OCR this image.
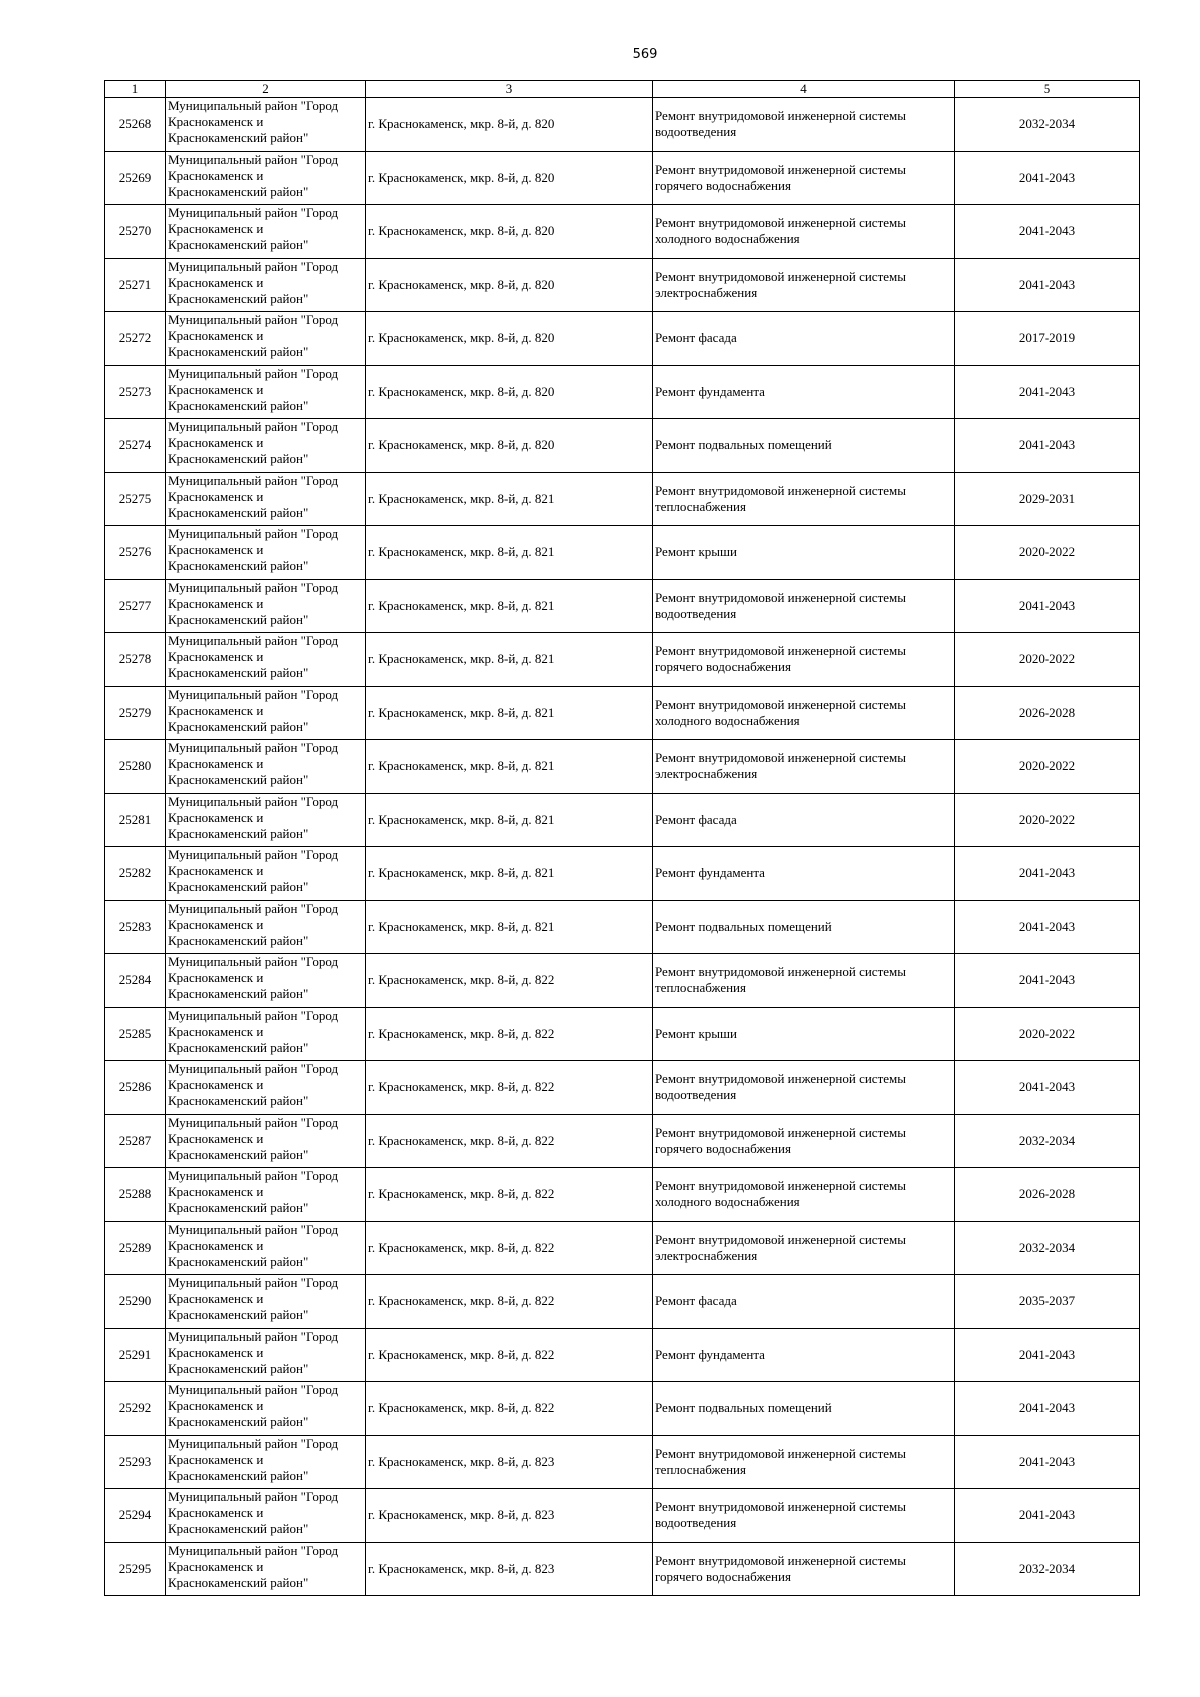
569
1	2	3	4	5
25268	Муниципальный район "Город Краснокаменск и Краснокаменский район"	г. Краснокаменск, мкр. 8-й, д. 820	Ремонт внутридомовой инженерной системы водоотведения	2032-2034
25269	Муниципальный район "Город Краснокаменск и Краснокаменский район"	г. Краснокаменск, мкр. 8-й, д. 820	Ремонт внутридомовой инженерной системы горячего водоснабжения	2041-2043
25270	Муниципальный район "Город Краснокаменск и Краснокаменский район"	г. Краснокаменск, мкр. 8-й, д. 820	Ремонт внутридомовой инженерной системы холодного водоснабжения	2041-2043
25271	Муниципальный район "Город Краснокаменск и Краснокаменский район"	г. Краснокаменск, мкр. 8-й, д. 820	Ремонт внутридомовой инженерной системы электроснабжения	2041-2043
25272	Муниципальный район "Город Краснокаменск и Краснокаменский район"	г. Краснокаменск, мкр. 8-й, д. 820	Ремонт фасада	2017-2019
25273	Муниципальный район "Город Краснокаменск и Краснокаменский район"	г. Краснокаменск, мкр. 8-й, д. 820	Ремонт фундамента	2041-2043
25274	Муниципальный район "Город Краснокаменск и Краснокаменский район"	г. Краснокаменск, мкр. 8-й, д. 820	Ремонт подвальных помещений	2041-2043
25275	Муниципальный район "Город Краснокаменск и Краснокаменский район"	г. Краснокаменск, мкр. 8-й, д. 821	Ремонт внутридомовой инженерной системы теплоснабжения	2029-2031
25276	Муниципальный район "Город Краснокаменск и Краснокаменский район"	г. Краснокаменск, мкр. 8-й, д. 821	Ремонт крыши	2020-2022
25277	Муниципальный район "Город Краснокаменск и Краснокаменский район"	г. Краснокаменск, мкр. 8-й, д. 821	Ремонт внутридомовой инженерной системы водоотведения	2041-2043
25278	Муниципальный район "Город Краснокаменск и Краснокаменский район"	г. Краснокаменск, мкр. 8-й, д. 821	Ремонт внутридомовой инженерной системы горячего водоснабжения	2020-2022
25279	Муниципальный район "Город Краснокаменск и Краснокаменский район"	г. Краснокаменск, мкр. 8-й, д. 821	Ремонт внутридомовой инженерной системы холодного водоснабжения	2026-2028
25280	Муниципальный район "Город Краснокаменск и Краснокаменский район"	г. Краснокаменск, мкр. 8-й, д. 821	Ремонт внутридомовой инженерной системы электроснабжения	2020-2022
25281	Муниципальный район "Город Краснокаменск и Краснокаменский район"	г. Краснокаменск, мкр. 8-й, д. 821	Ремонт фасада	2020-2022
25282	Муниципальный район "Город Краснокаменск и Краснокаменский район"	г. Краснокаменск, мкр. 8-й, д. 821	Ремонт фундамента	2041-2043
25283	Муниципальный район "Город Краснокаменск и Краснокаменский район"	г. Краснокаменск, мкр. 8-й, д. 821	Ремонт подвальных помещений	2041-2043
25284	Муниципальный район "Город Краснокаменск и Краснокаменский район"	г. Краснокаменск, мкр. 8-й, д. 822	Ремонт внутридомовой инженерной системы теплоснабжения	2041-2043
25285	Муниципальный район "Город Краснокаменск и Краснокаменский район"	г. Краснокаменск, мкр. 8-й, д. 822	Ремонт крыши	2020-2022
25286	Муниципальный район "Город Краснокаменск и Краснокаменский район"	г. Краснокаменск, мкр. 8-й, д. 822	Ремонт внутридомовой инженерной системы водоотведения	2041-2043
25287	Муниципальный район "Город Краснокаменск и Краснокаменский район"	г. Краснокаменск, мкр. 8-й, д. 822	Ремонт внутридомовой инженерной системы горячего водоснабжения	2032-2034
25288	Муниципальный район "Город Краснокаменск и Краснокаменский район"	г. Краснокаменск, мкр. 8-й, д. 822	Ремонт внутридомовой инженерной системы холодного водоснабжения	2026-2028
25289	Муниципальный район "Город Краснокаменск и Краснокаменский район"	г. Краснокаменск, мкр. 8-й, д. 822	Ремонт внутридомовой инженерной системы электроснабжения	2032-2034
25290	Муниципальный район "Город Краснокаменск и Краснокаменский район"	г. Краснокаменск, мкр. 8-й, д. 822	Ремонт фасада	2035-2037
25291	Муниципальный район "Город Краснокаменск и Краснокаменский район"	г. Краснокаменск, мкр. 8-й, д. 822	Ремонт фундамента	2041-2043
25292	Муниципальный район "Город Краснокаменск и Краснокаменский район"	г. Краснокаменск, мкр. 8-й, д. 822	Ремонт подвальных помещений	2041-2043
25293	Муниципальный район "Город Краснокаменск и Краснокаменский район"	г. Краснокаменск, мкр. 8-й, д. 823	Ремонт внутридомовой инженерной системы теплоснабжения	2041-2043
25294	Муниципальный район "Город Краснокаменск и Краснокаменский район"	г. Краснокаменск, мкр. 8-й, д. 823	Ремонт внутридомовой инженерной системы водоотведения	2041-2043
25295	Муниципальный район "Город Краснокаменск и Краснокаменский район"	г. Краснокаменск, мкр. 8-й, д. 823	Ремонт внутридомовой инженерной системы горячего водоснабжения	2032-2034
